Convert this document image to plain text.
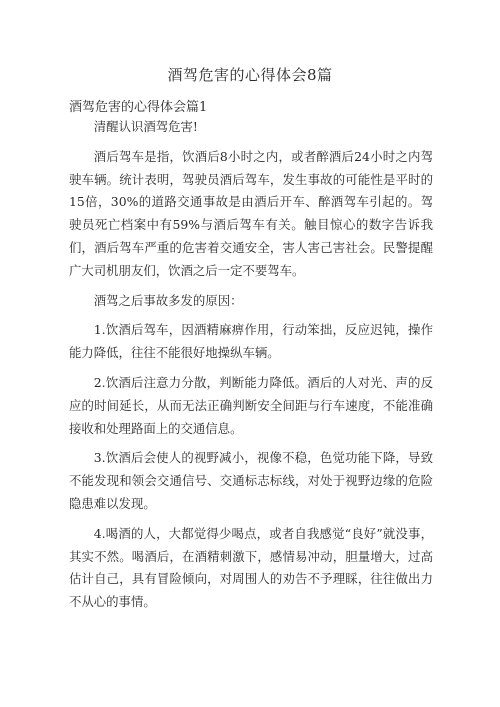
酒驾危害的心得体会8篇
酒驾危害的心得体会篇1

清醒认识酒驾危害!

酒后驾车是指，饮酒后8小时之内，或者醉酒后24小时之内驾驶车辆。统计表明，驾驶员酒后驾车，发生事故的可能性是平时的15倍，30%的道路交通事故是由酒后开车、醉酒驾车引起的。驾驶员死亡档案中有59%与酒后驾车有关。触目惊心的数字告诉我们，酒后驾车严重的危害着交通安全，害人害己害社会。民警提醒广大司机朋友们，饮酒之后一定不要驾车。

酒驾之后事故多发的原因：

1.饮酒后驾车，因酒精麻痹作用，行动笨拙，反应迟钝，操作能力降低，往往不能很好地操纵车辆。

2.饮酒后注意力分散，判断能力降低。酒后的人对光、声的反应的时间延长，从而无法正确判断安全间距与行车速度，不能准确接收和处理路面上的交通信息。

3.饮酒后会使人的视野减小，视像不稳，色觉功能下降，导致不能发现和领会交通信号、交通标志标线，对处于视野边缘的危险隐患难以发现。

4.喝酒的人，大都觉得少喝点，或者自我感觉“良好”就没事，其实不然。喝酒后，在酒精刺激下，感情易冲动，胆量增大，过高估计自己，具有冒险倾向，对周围人的劝告不予理睬，往往做出力不从心的事情。
